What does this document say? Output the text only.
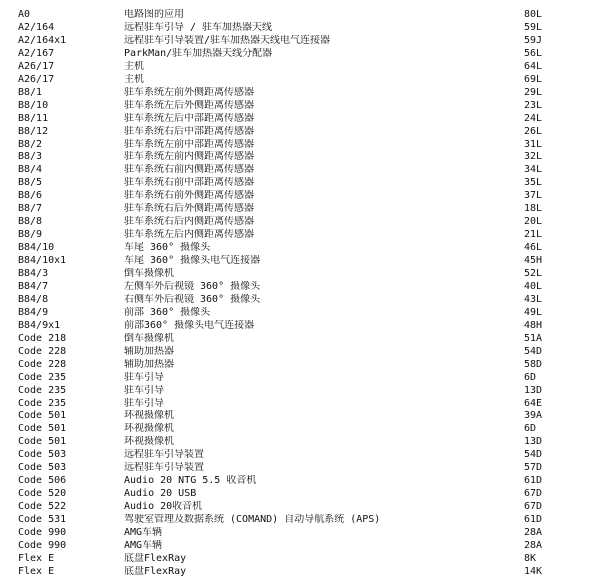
A0	电路图的应用	80L
A2/164	远程驻车引导 / 驻车加热器天线	59L
A2/164x1	远程驻车引导装置/驻车加热器天线电气连接器	59J
A2/167	ParkMan/驻车加热器天线分配器	56L
A26/17	主机	64L
A26/17	主机	69L
B8/1	驻车系统左前外侧距离传感器	29L
B8/10	驻车系统左后外侧距离传感器	23L
B8/11	驻车系统左后中部距离传感器	24L
B8/12	驻车系统右后中部距离传感器	26L
B8/2	驻车系统左前中部距离传感器	31L
B8/3	驻车系统左前内侧距离传感器	32L
B8/4	驻车系统右前内侧距离传感器	34L
B8/5	驻车系统右前中部距离传感器	35L
B8/6	驻车系统右前外侧距离传感器	37L
B8/7	驻车系统右后外侧距离传感器	18L
B8/8	驻车系统右后内侧距离传感器	20L
B8/9	驻车系统左后内侧距离传感器	21L
B84/10	车尾 360° 摄像头	46L
B84/10x1	车尾 360° 摄像头电气连接器	45H
B84/3	倒车摄像机	52L
B84/7	左侧车外后视镜 360° 摄像头	40L
B84/8	右侧车外后视镜 360° 摄像头	43L
B84/9	前部 360° 摄像头	49L
B84/9x1	前部360° 摄像头电气连接器	48H
Code 218	倒车摄像机	51A
Code 228	辅助加热器	54D
Code 228	辅助加热器	58D
Code 235	驻车引导	6D
Code 235	驻车引导	13D
Code 235	驻车引导	64E
Code 501	环视摄像机	39A
Code 501	环视摄像机	6D
Code 501	环视摄像机	13D
Code 503	远程驻车引导装置	54D
Code 503	远程驻车引导装置	57D
Code 506	Audio 20 NTG 5.5 收音机	61D
Code 520	Audio 20 USB	67D
Code 522	Audio 20收音机	67D
Code 531	驾驶室管理及数据系统 (COMAND) 自动导航系统 (APS)	61D
Code 990	AMG车辆	28A
Code 990	AMG车辆	28A
Flex E	底盘FlexRay	8K
Flex E	底盘FlexRay	14K
